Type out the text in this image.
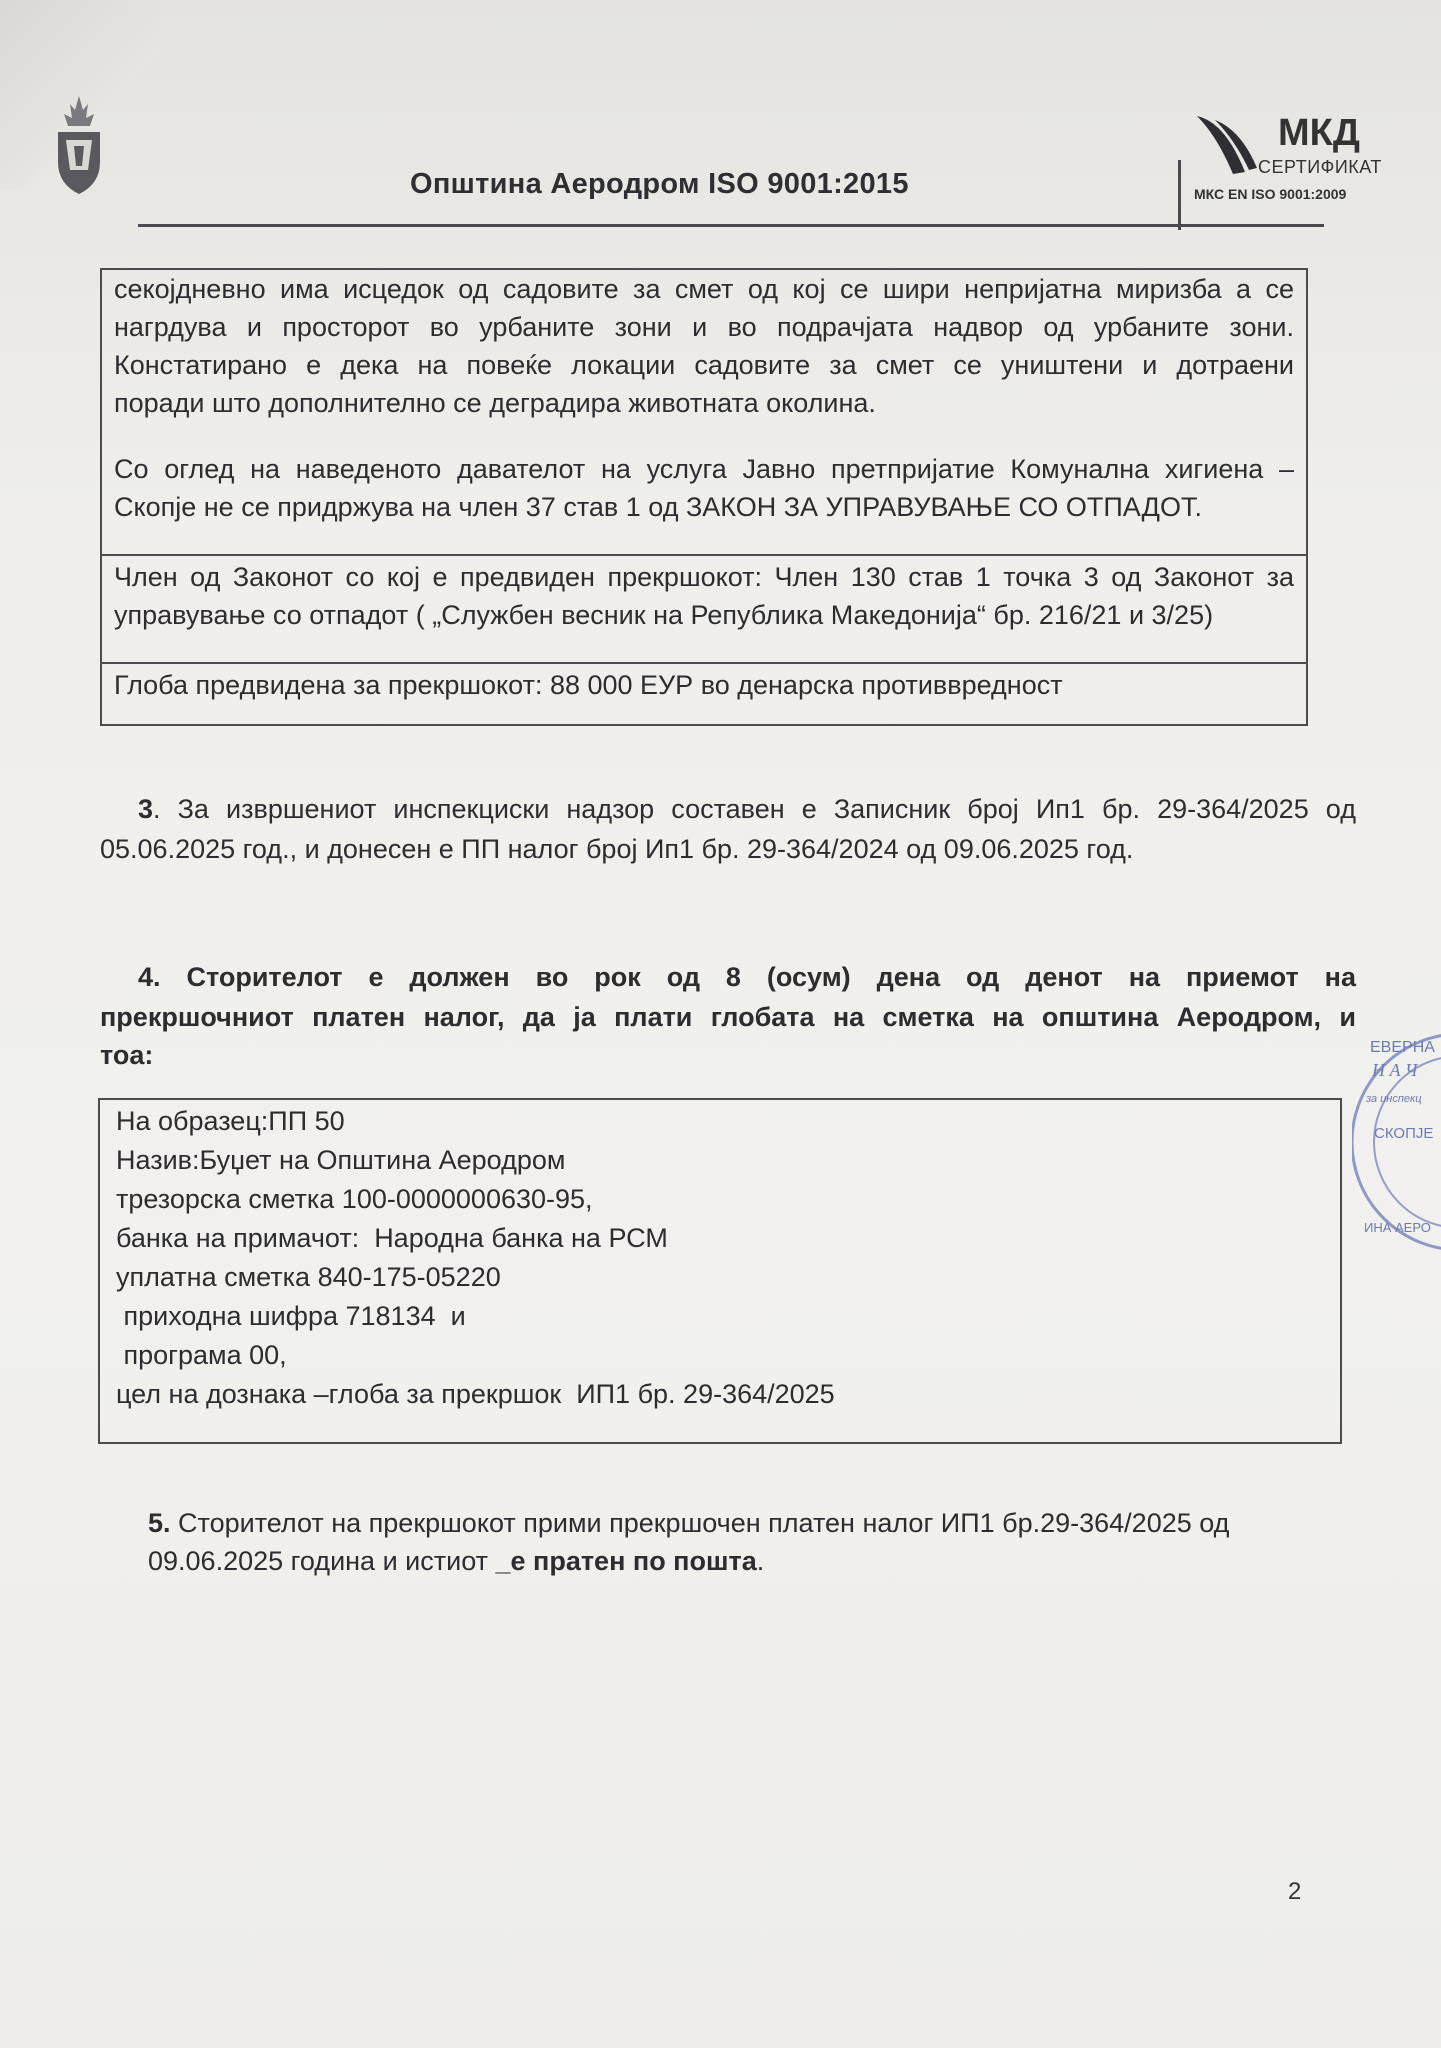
Општина Аеродром ISO 9001:2015
МКД
СЕРТИФИКАТ
МКС EN ISO 9001:2009
секојдневно има исцедок од садовите за смет од кој се шири непријатна миризба а се
нагрдува и просторот во урбаните зони и во подрачјата надвор од урбаните зони.
Констатирано е дека на повеќе локации садовите за смет се уништени и дотраени
поради што дополнително се деградира животната околина.
Со оглед на наведеното давателот на услуга Јавно претпријатие Комунална хигиена –
Скопје не се придржува на член 37 став 1 од ЗАКОН ЗА УПРАВУВАЊЕ СО ОТПАДОТ.
Член од Законот со кој е предвиден прекршокот: Член 130 став 1 точка 3 од Законот за
управување со отпадот ( „Службен весник на Република Македонија“ бр. 216/21 и 3/25)
Глоба предвидена за прекршокот: 88 000 ЕУР во денарска противвредност
3. За извршениот инспекциски надзор составен е Записник број Ип1 бр. 29-364/2025 од
05.06.2025 год., и донесен е ПП налог број Ип1 бр. 29-364/2024 од 09.06.2025 год.
4. Сторителот е должен во рок од 8 (осум) дена од денот на приемот на
прекршочниот платен налог, да ја плати глобата на сметка на општина Аеродром, и
тоа:
На образец:ПП 50
Назив:Буџет на Општина Аеродром
трезорска сметка 100-0000000630-95,
банка на примачот:  Народна банка на РСМ
уплатна сметка 840-175-05220
приходна шифра 718134  и
програма 00,
цел на дознака –глоба за прекршок  ИП1 бр. 29-364/2025
5. Сторителот на прекршокот прими прекршочен платен налог ИП1 бр.29-364/2025 од
09.06.2025 година и истиот _е пратен по пошта.
ЕВЕРНА
Н А Ч
за инспекц
СКОПЈЕ
ИНА АЕРО
2
